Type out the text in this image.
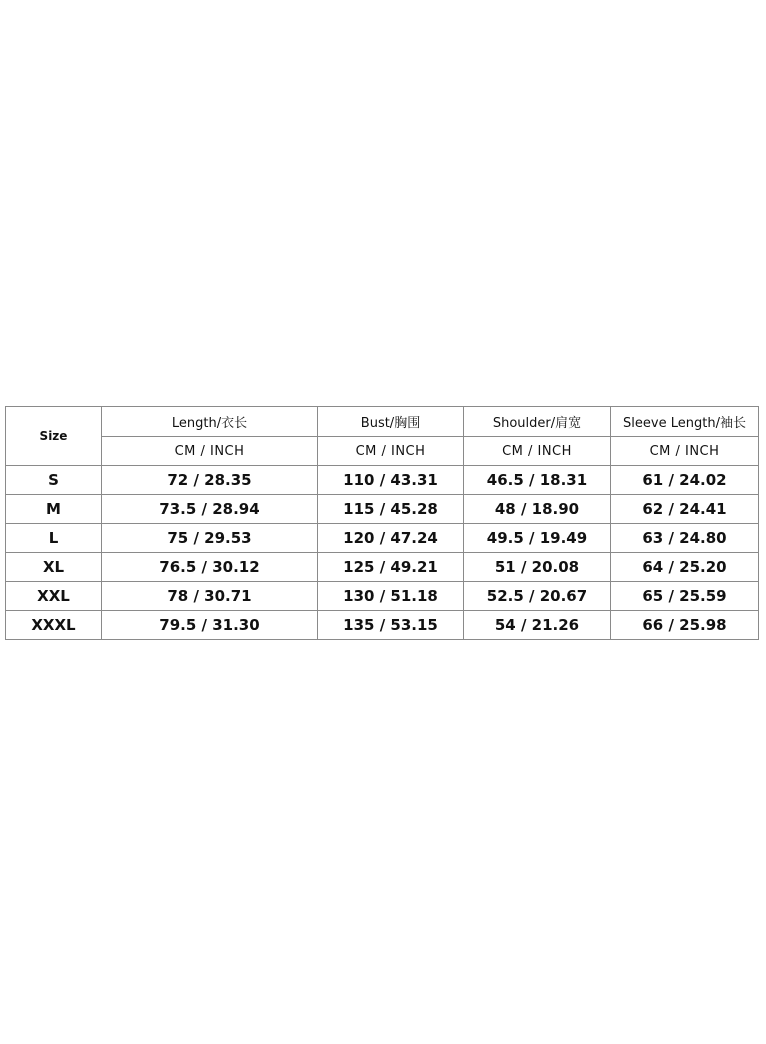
Size	Length/衣长	Bust/胸围	Shoulder/肩宽	Sleeve Length/袖长
	CM / INCH	CM / INCH	CM / INCH	CM / INCH
S	72 / 28.35	110 / 43.31	46.5 / 18.31	61 / 24.02
M	73.5 / 28.94	115 / 45.28	48 / 18.90	62 / 24.41
L	75 / 29.53	120 / 47.24	49.5 / 19.49	63 / 24.80
XL	76.5 / 30.12	125 / 49.21	51 / 20.08	64 / 25.20
XXL	78 / 30.71	130 / 51.18	52.5 / 20.67	65 / 25.59
XXXL	79.5 / 31.30	135 / 53.15	54 / 21.26	66 / 25.98
